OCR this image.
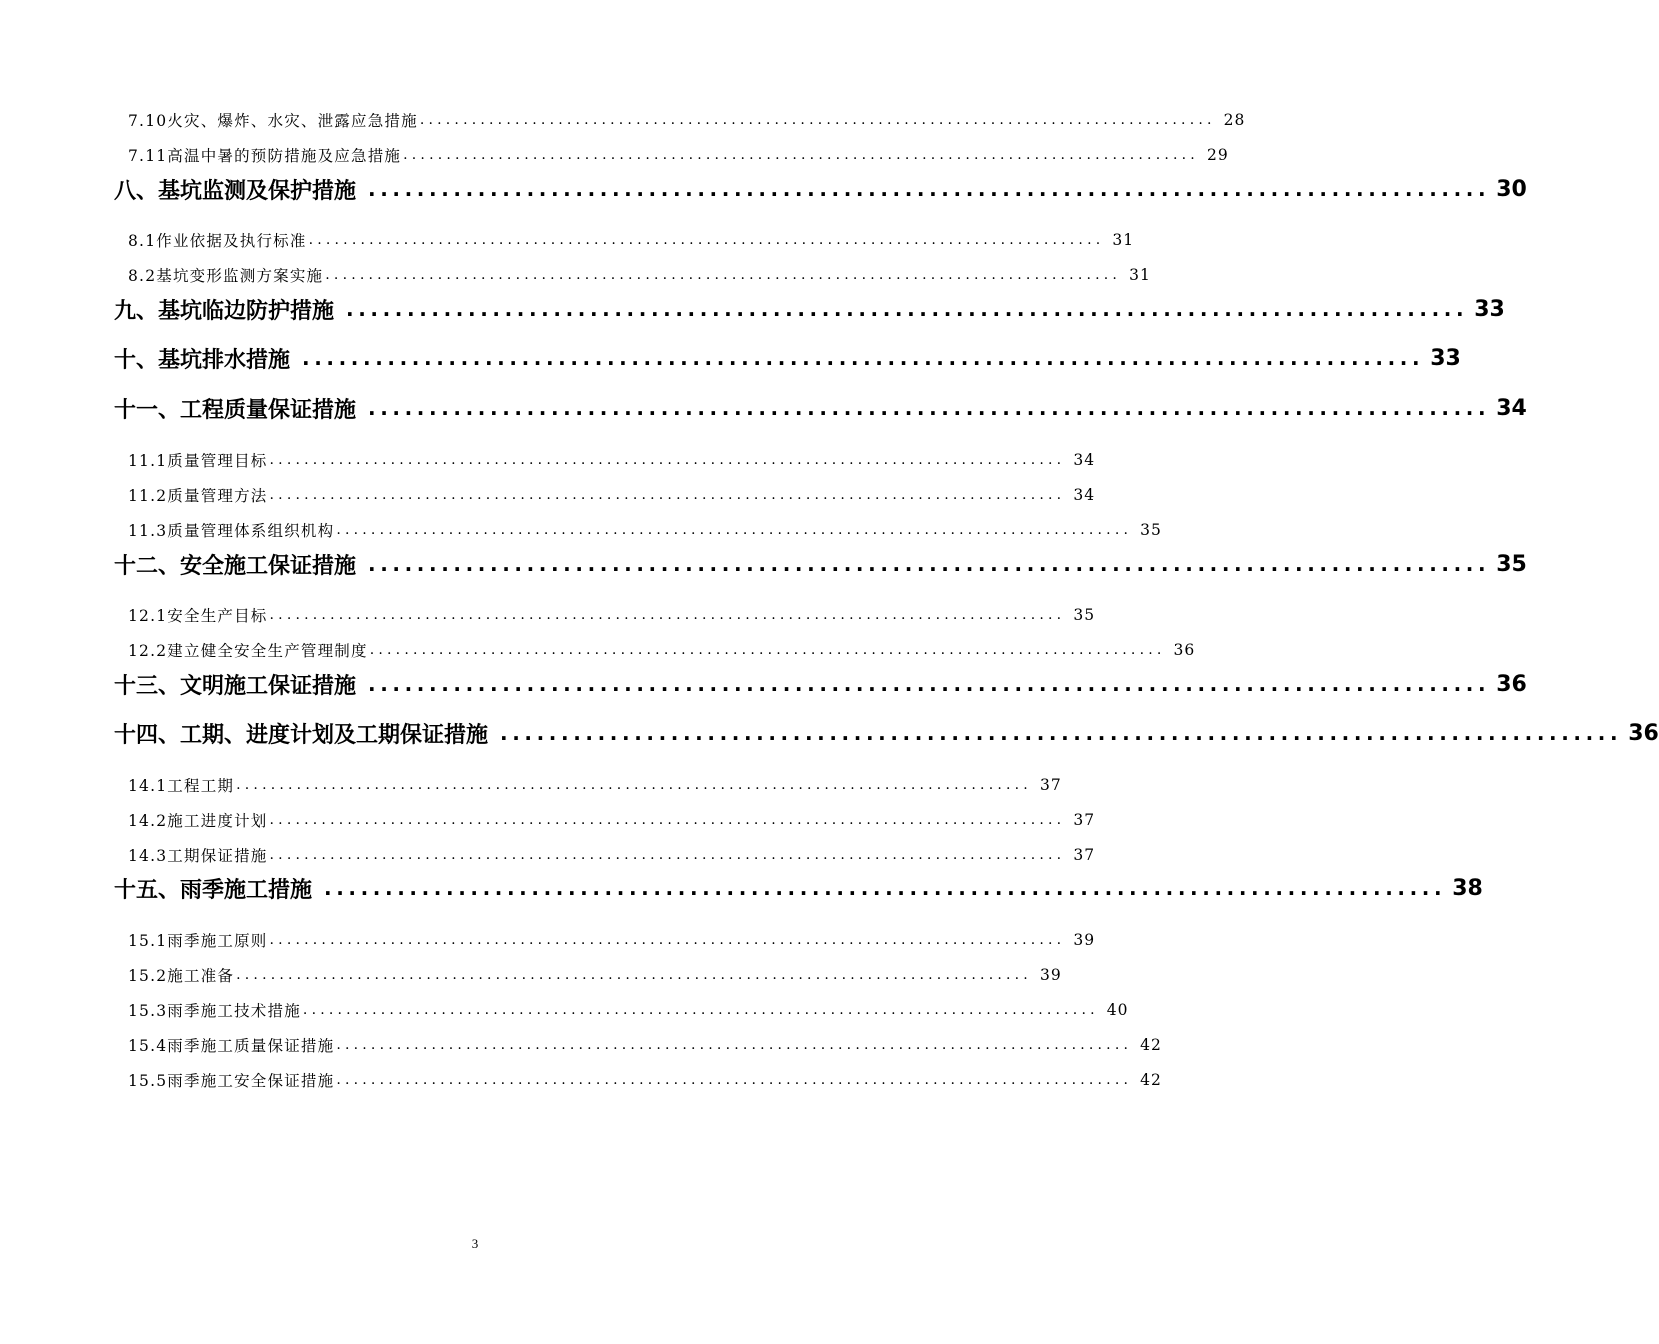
7.10火灾、爆炸、水灾、泄露应急措施 ............................................................................................ 28
7.11高温中暑的预防措施及应急措施 ............................................................................................ 29
八、基坑监测及保护措施 ............................................................................................ 30
8.1作业依据及执行标准 ............................................................................................ 31
8.2基坑变形监测方案实施 ............................................................................................ 31
九、基坑临边防护措施 ............................................................................................ 33
十、基坑排水措施 ............................................................................................ 33
十一、工程质量保证措施 ............................................................................................ 34
11.1质量管理目标 ............................................................................................ 34
11.2质量管理方法 ............................................................................................ 34
11.3质量管理体系组织机构 ............................................................................................ 35
十二、安全施工保证措施 ............................................................................................ 35
12.1安全生产目标 ............................................................................................ 35
12.2建立健全安全生产管理制度 ............................................................................................ 36
十三、文明施工保证措施 ............................................................................................ 36
十四、工期、进度计划及工期保证措施 ............................................................................................ 36
14.1工程工期 ............................................................................................ 37
14.2施工进度计划 ............................................................................................ 37
14.3工期保证措施 ............................................................................................ 37
十五、雨季施工措施 ............................................................................................ 38
15.1雨季施工原则 ............................................................................................ 39
15.2施工准备 ............................................................................................ 39
15.3雨季施工技术措施 ............................................................................................ 40
15.4雨季施工质量保证措施 ............................................................................................ 42
15.5雨季施工安全保证措施 ............................................................................................ 42
3
